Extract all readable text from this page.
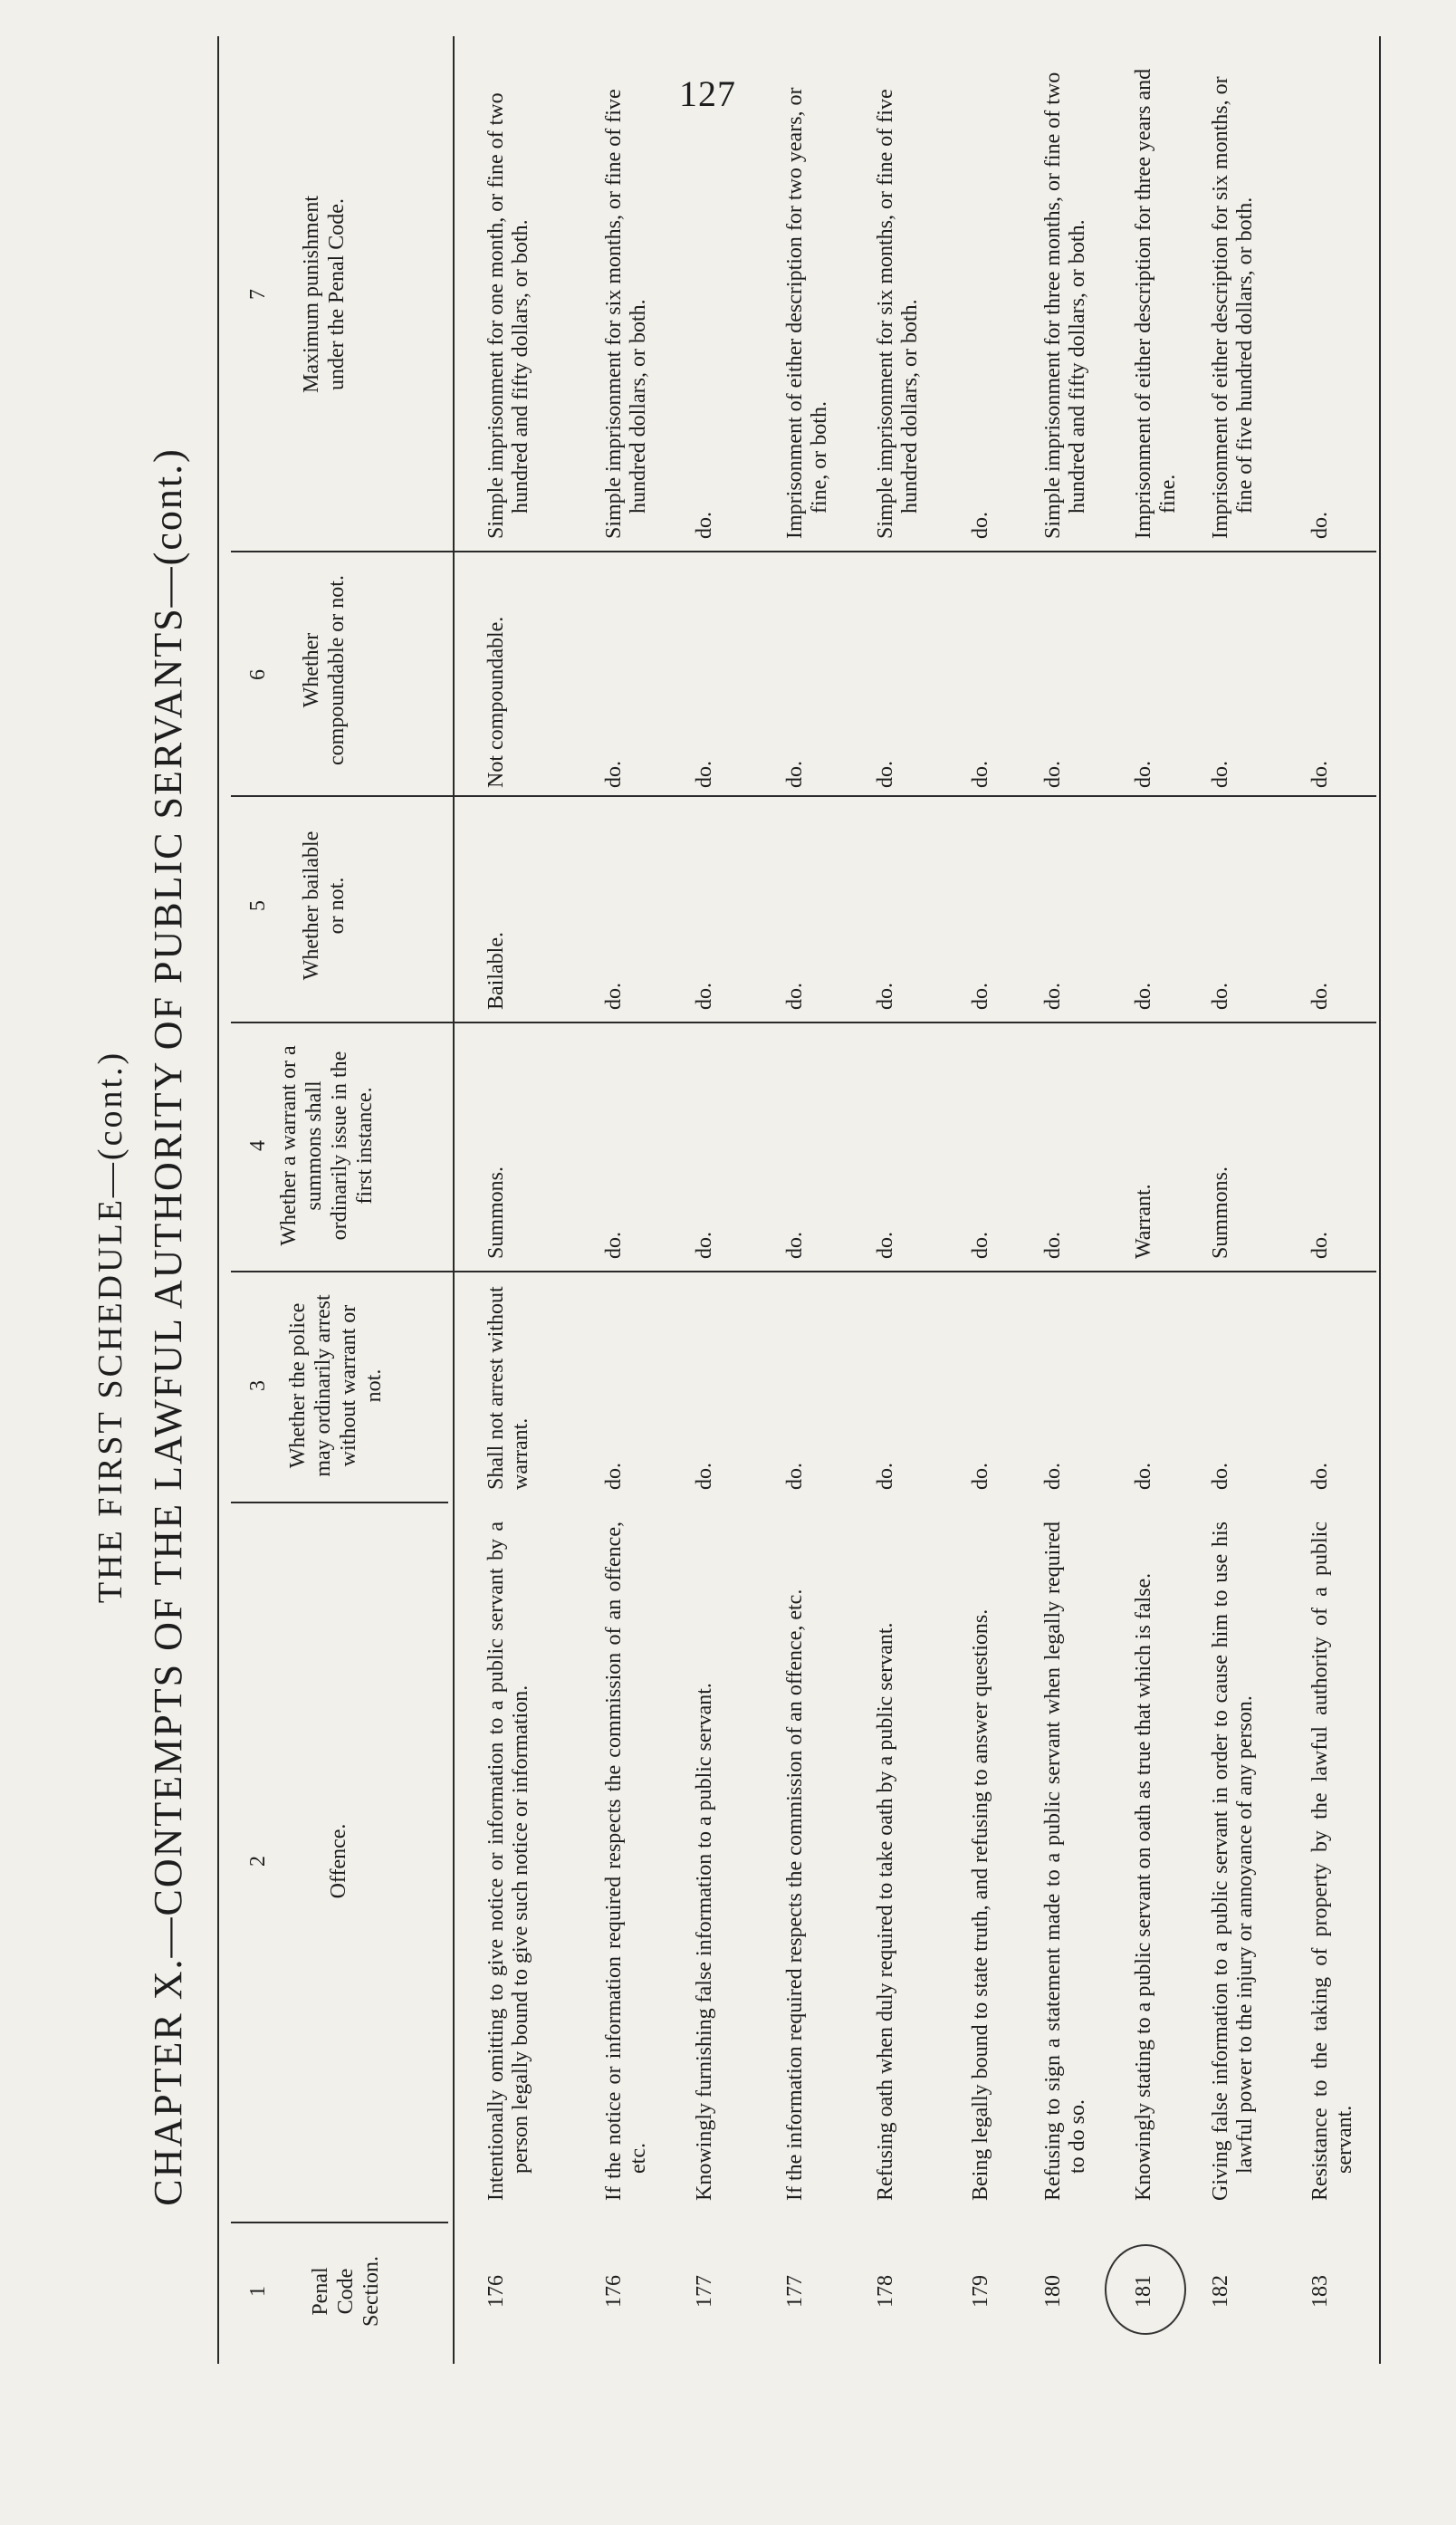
127
THE FIRST SCHEDULE—(cont.) CHAPTER X.—CONTEMPTS OF THE LAWFUL AUTHORITY OF PUBLIC SERVANTS—(cont.)
1
2
3
4
5
6
7
Penal Code Section.
Offence.
Whether the police may ordinarily arrest without warrant or not.
Whether a warrant or a summons shall ordinarily issue in the first instance.
Whether bailable or not.
Whether compoundable or not.
Maximum punishment under the Penal Code.
176
Intentionally omitting to give notice or information to a public servant by a person legally bound to give such notice or information.
Shall not arrest without warrant.
Summons.
Bailable.
Not compoundable.
Simple imprisonment for one month, or fine of two hundred and fifty dollars, or both.
176
If the notice or information required respects the commission of an offence, etc.
do.
do.
do.
do.
Simple imprisonment for six months, or fine of five hundred dollars, or both.
177
Knowingly furnishing false information to a public servant.
do.
do.
do.
do.
do.
177
If the information required respects the commission of an offence, etc.
do.
do.
do.
do.
Imprisonment of either description for two years, or fine, or both.
178
Refusing oath when duly required to take oath by a public servant.
do.
do.
do.
do.
Simple imprisonment for six months, or fine of five hundred dollars, or both.
179
Being legally bound to state truth, and refusing to answer questions.
do.
do.
do.
do.
do.
180
Refusing to sign a statement made to a public servant when legally required to do so.
do.
do.
do.
do.
Simple imprisonment for three months, or fine of two hundred and fifty dollars, or both.
181
Knowingly stating to a public servant on oath as true that which is false.
do.
Warrant.
do.
do.
Imprisonment of either description for three years and fine.
182
Giving false information to a public servant in order to cause him to use his lawful power to the injury or annoyance of any person.
do.
Summons.
do.
do.
Imprisonment of either description for six months, or fine of five hundred dollars, or both.
183
Resistance to the taking of property by the lawful authority of a public servant.
do.
do.
do.
do.
do.
